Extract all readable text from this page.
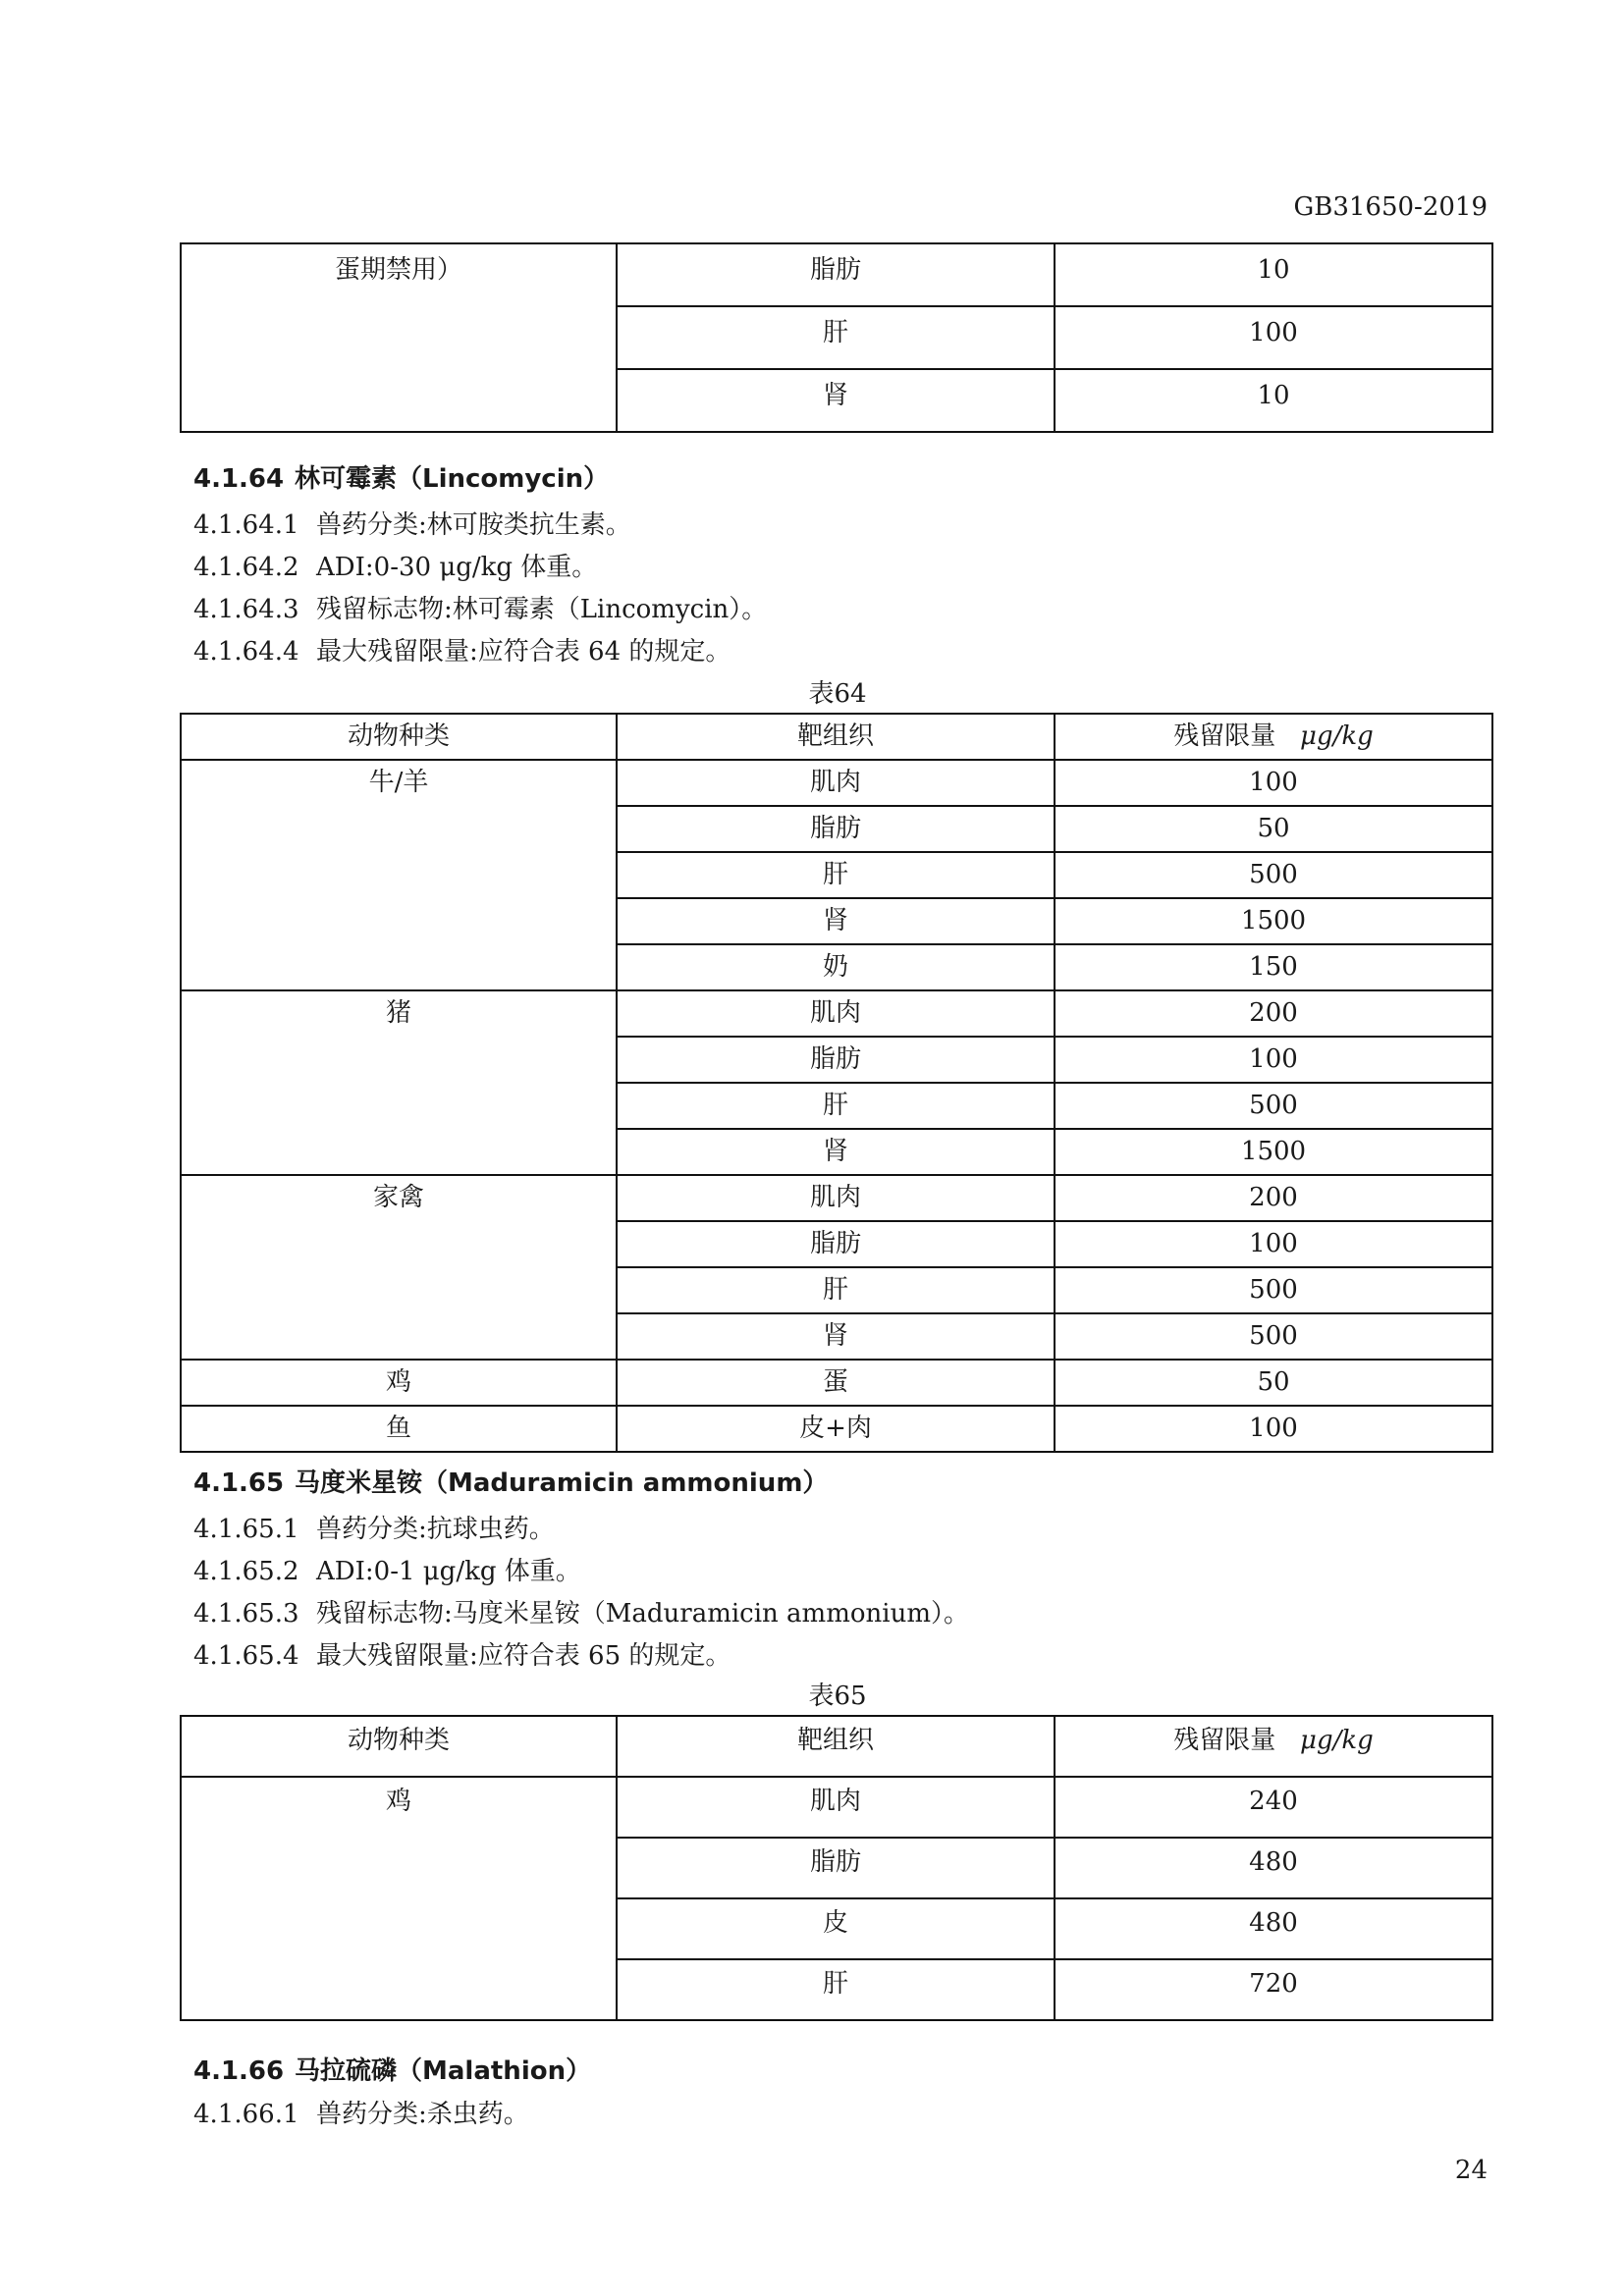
GB31650-2019
蛋期禁用）	脂肪	10
	肝	100
	肾	10
4.1.64 林可霉素（Lincomycin）
4.1.64.1 兽药分类:林可胺类抗生素。
4.1.64.2 ADI:0-30 μg/kg 体重。
4.1.64.3 残留标志物:林可霉素（Lincomycin）。
4.1.64.4 最大残留限量:应符合表 64 的规定。
表64
动物种类	靶组织	残留限量 μg/kg
牛/羊	肌肉	100
	脂肪	50
	肝	500
	肾	1500
	奶	150
猪	肌肉	200
	脂肪	100
	肝	500
	肾	1500
家禽	肌肉	200
	脂肪	100
	肝	500
	肾	500
鸡	蛋	50
鱼	皮+肉	100
4.1.65 马度米星铵（Maduramicin ammonium）
4.1.65.1 兽药分类:抗球虫药。
4.1.65.2 ADI:0-1 μg/kg 体重。
4.1.65.3 残留标志物:马度米星铵（Maduramicin ammonium）。
4.1.65.4 最大残留限量:应符合表 65 的规定。
表65
动物种类	靶组织	残留限量 μg/kg
鸡	肌肉	240
	脂肪	480
	皮	480
	肝	720
4.1.66 马拉硫磷（Malathion）
4.1.66.1 兽药分类:杀虫药。
24
